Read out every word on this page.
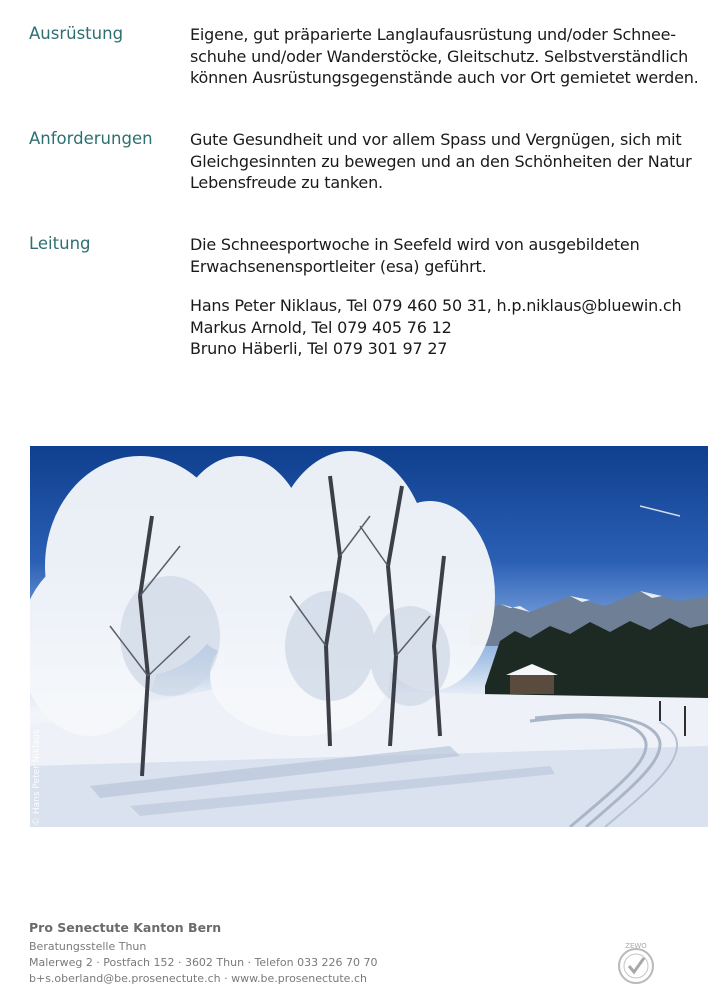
Ausrüstung	Eigene, gut präparierte Langlaufausrüstung und/oder Schneeschuhe und/oder Wanderstöcke, Gleitschutz. Selbstverständlich können Ausrüstungsgegenstände auch vor Ort gemietet werden.

Anforderungen Gute Gesundheit und vor allem Spass und Vergnügen, sich mit Gleichgesinnten zu bewegen und an den Schönheiten der Natur Lebensfreude zu tanken.

Leitung	Die Schneesportwoche in Seefeld wird von ausgebildeten Erwachsenensportleiter (esa) geführt.

Hans Peter Niklaus, Tel 079 460 50 31, h.p.niklaus@bluewin.ch

Markus Arnold, Tel 079 405 76 12

Bruno Häberli, Tel 079 301 97 27

© Hans Peter Niklaus
Pro Senectute Kanton Bern
Beratungsstelle Thun
Malerweg 2 · Postfach 152 · 3602 Thun · Telefon 033 226 70 70
b+s.oberland@be.prosenectute.ch · www.be.prosenectute.ch
ZEWO
